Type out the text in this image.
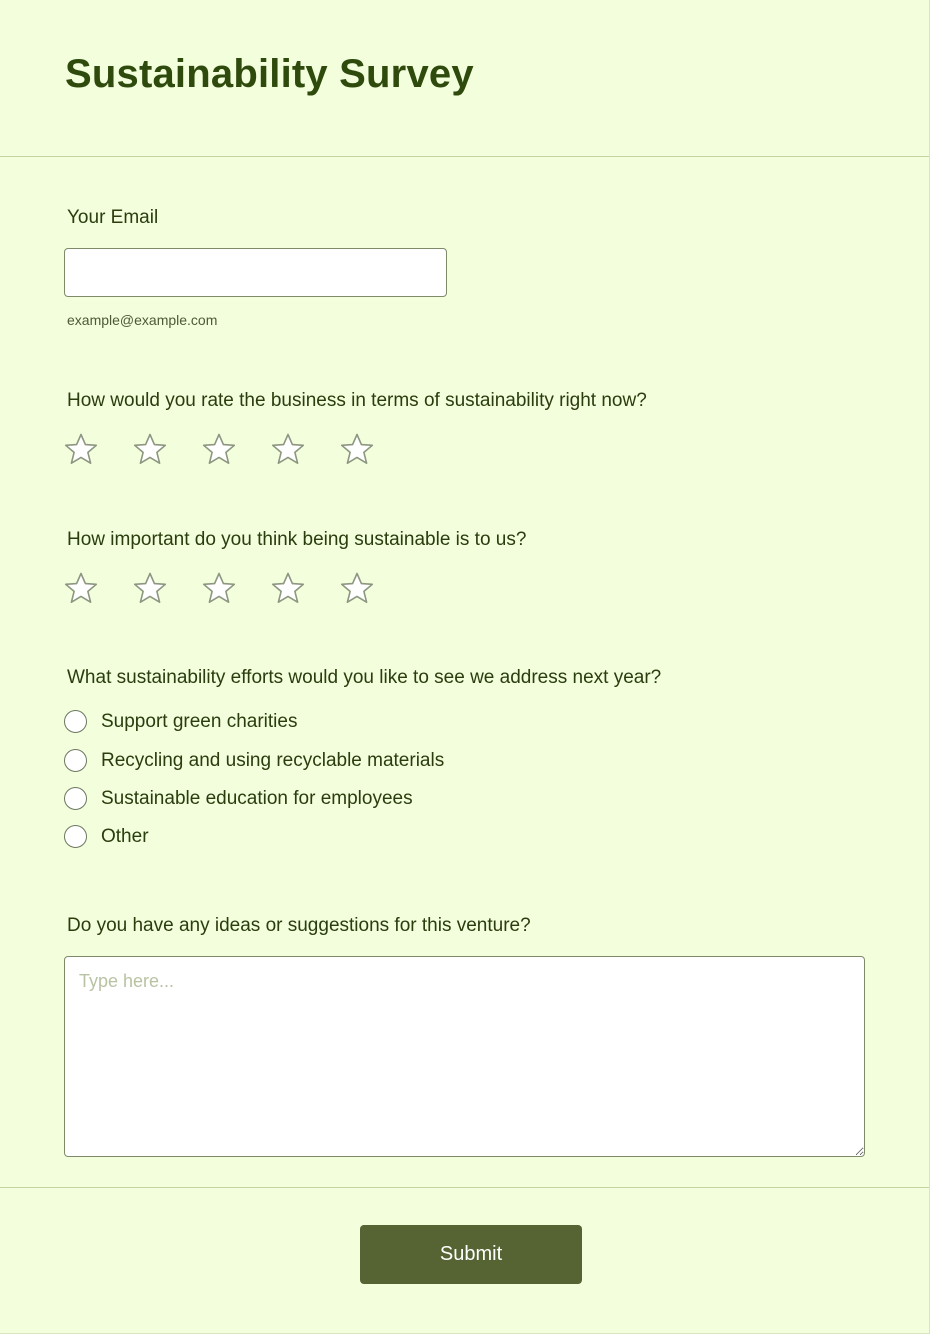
Sustainability Survey
Your Email

example@example.com

How would you rate the business in terms of sustainability right now?
How important do you think being sustainable is to us?
What sustainability efforts would you like to see we address next year?
Support green charities
Recycling and using recyclable materials
Sustainable education for employees
Other
Do you have any ideas or suggestions for this venture?
Type here...
Submit
